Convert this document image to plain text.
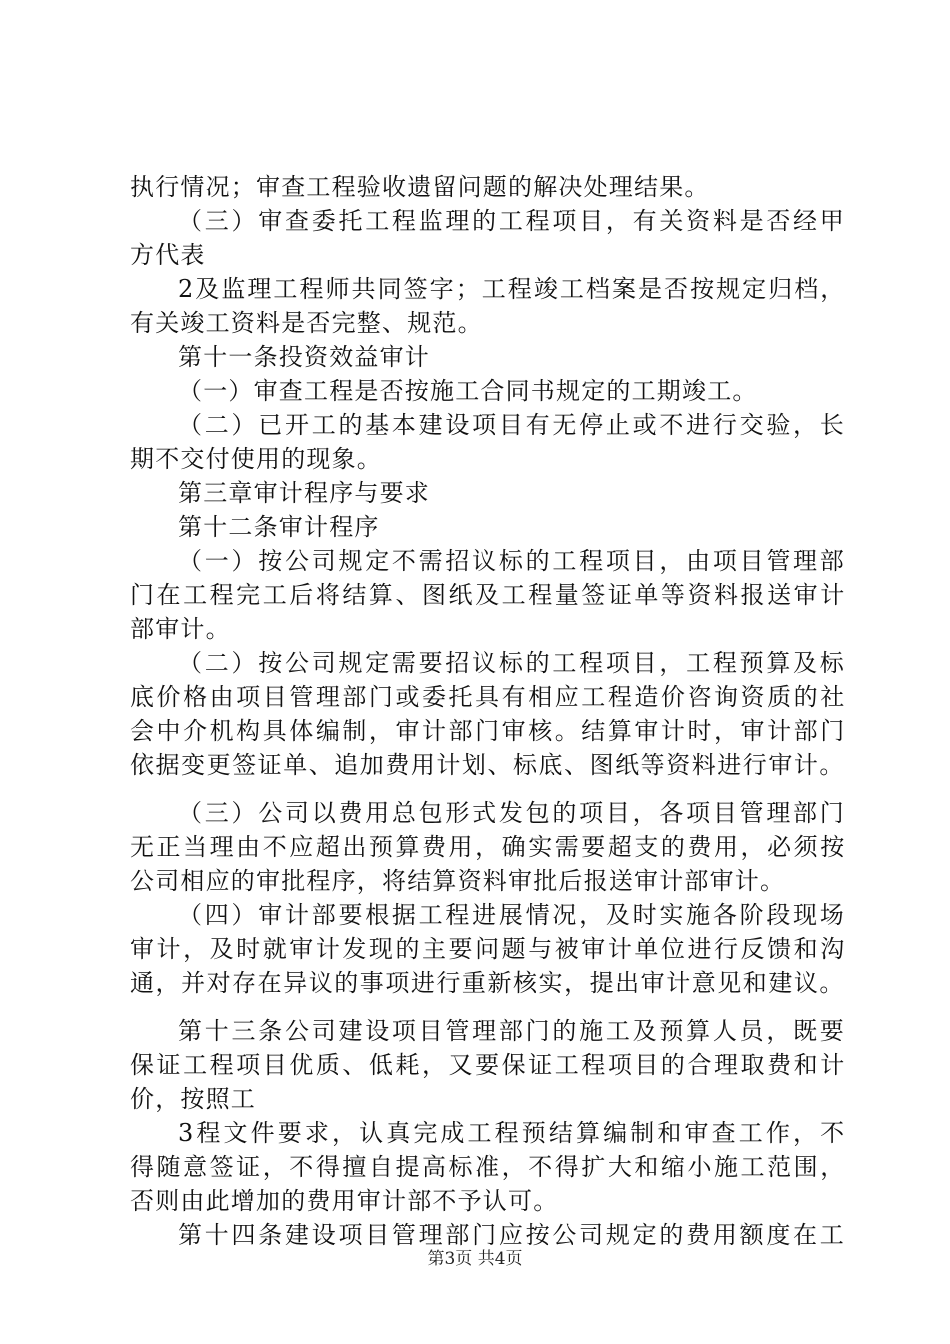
执行情况；审查工程验收遗留问题的解决处理结果。
（三）审查委托工程监理的工程项目，有关资料是否经甲
方代表
2及监理工程师共同签字；工程竣工档案是否按规定归档，
有关竣工资料是否完整、规范。
第十一条投资效益审计
（一）审查工程是否按施工合同书规定的工期竣工。
（二）已开工的基本建设项目有无停止或不进行交验，长
期不交付使用的现象。
第三章审计程序与要求
第十二条审计程序
（一）按公司规定不需招议标的工程项目，由项目管理部
门在工程完工后将结算、图纸及工程量签证单等资料报送审计
部审计。
（二）按公司规定需要招议标的工程项目，工程预算及标
底价格由项目管理部门或委托具有相应工程造价咨询资质的社
会中介机构具体编制，审计部门审核。结算审计时，审计部门
依据变更签证单、追加费用计划、标底、图纸等资料进行审计。
（三）公司以费用总包形式发包的项目，各项目管理部门
无正当理由不应超出预算费用，确实需要超支的费用，必须按
公司相应的审批程序，将结算资料审批后报送审计部审计。
（四）审计部要根据工程进展情况，及时实施各阶段现场
审计，及时就审计发现的主要问题与被审计单位进行反馈和沟
通，并对存在异议的事项进行重新核实，提出审计意见和建议。
第十三条公司建设项目管理部门的施工及预算人员，既要
保证工程项目优质、低耗，又要保证工程项目的合理取费和计
价，按照工
3程文件要求，认真完成工程预结算编制和审查工作，不
得随意签证，不得擅自提高标准，不得扩大和缩小施工范围，
否则由此增加的费用审计部不予认可。
第十四条建设项目管理部门应按公司规定的费用额度在工
第3页 共4页
